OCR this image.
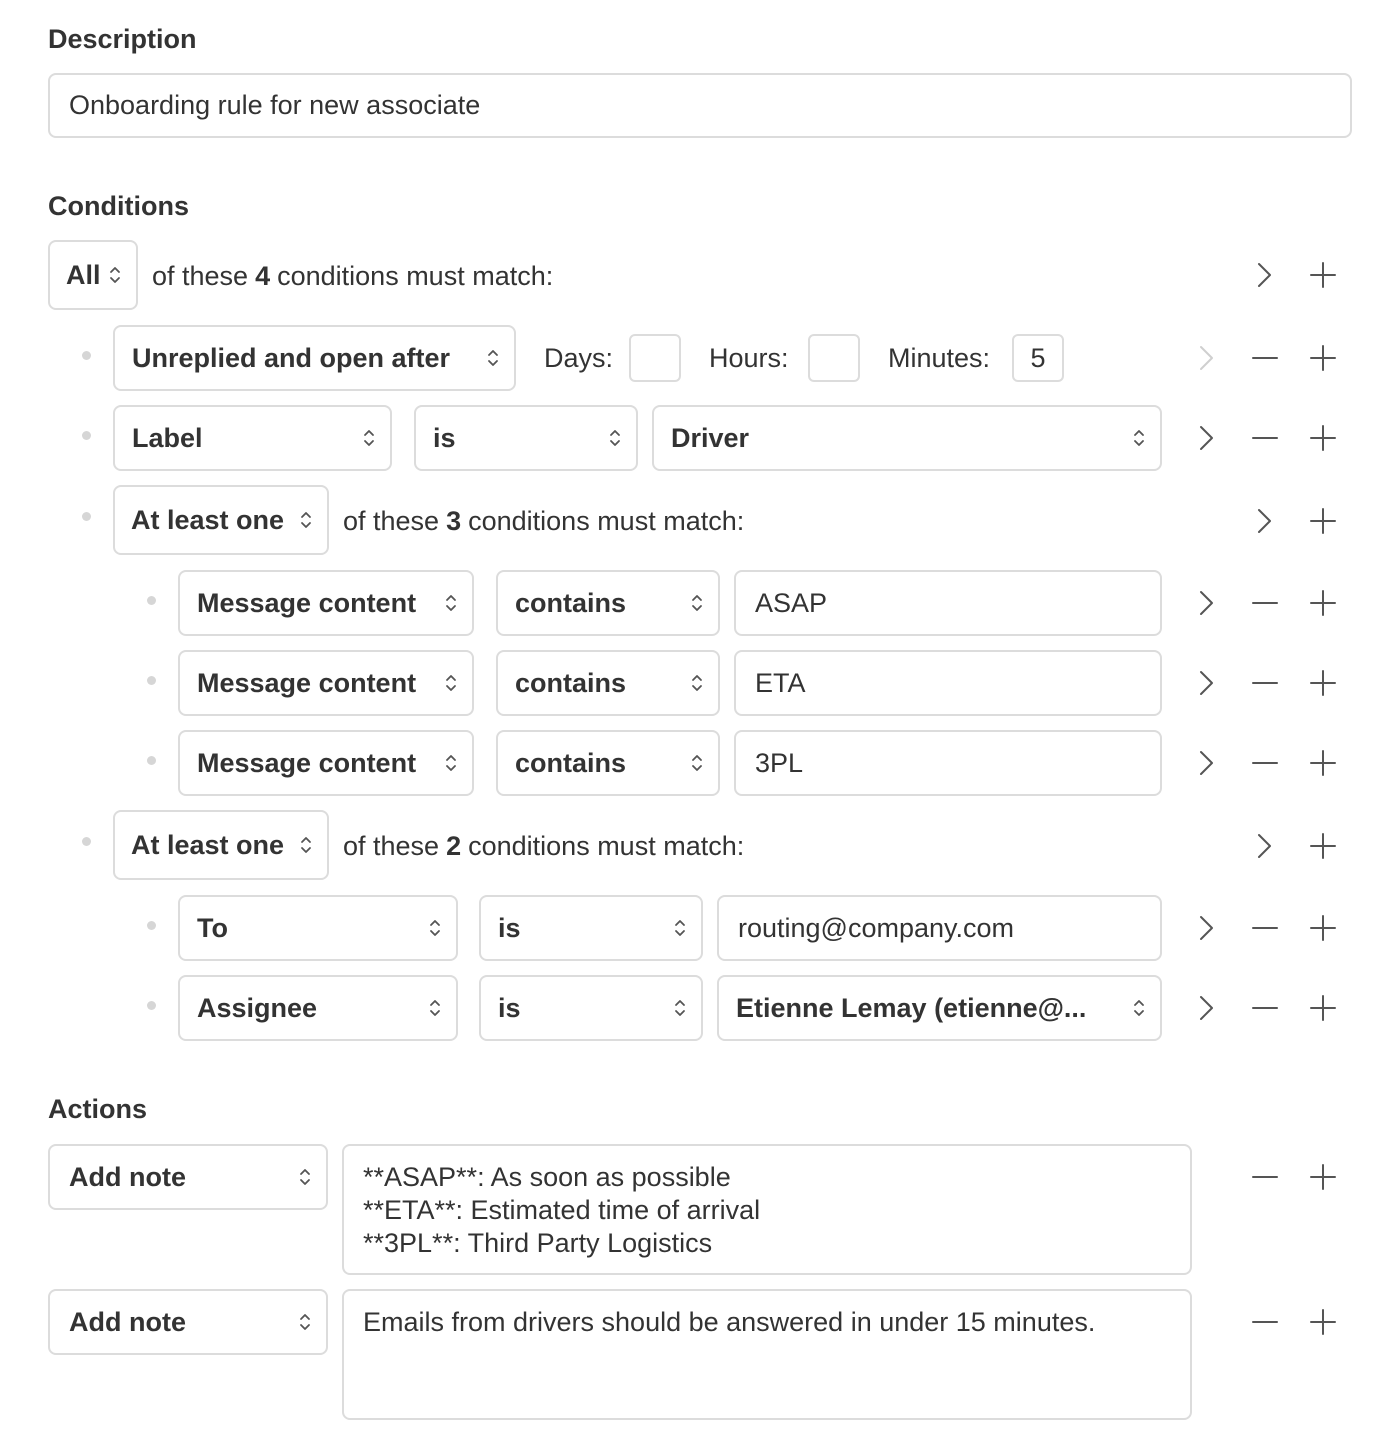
Description
Onboarding rule for new associate
Conditions
All of these 4 conditions must match:
Unreplied and open after	Days:	Hours:	Minutes:	5
Label	is	Driver
At least one of these 3 conditions must match:
Message content	contains	ASAP
Message content	contains	ETA
Message content	contains	3PL
At least one of these 2 conditions must match:
To	is	routing@company.com
Assignee	is	Etienne Lemay (etienne@...
Actions
Add note	**ASAP**: As soon as possible
**ETA**: Estimated time of arrival
**3PL**: Third Party Logistics
Add note	Emails from drivers should be answered in under 15 minutes.
